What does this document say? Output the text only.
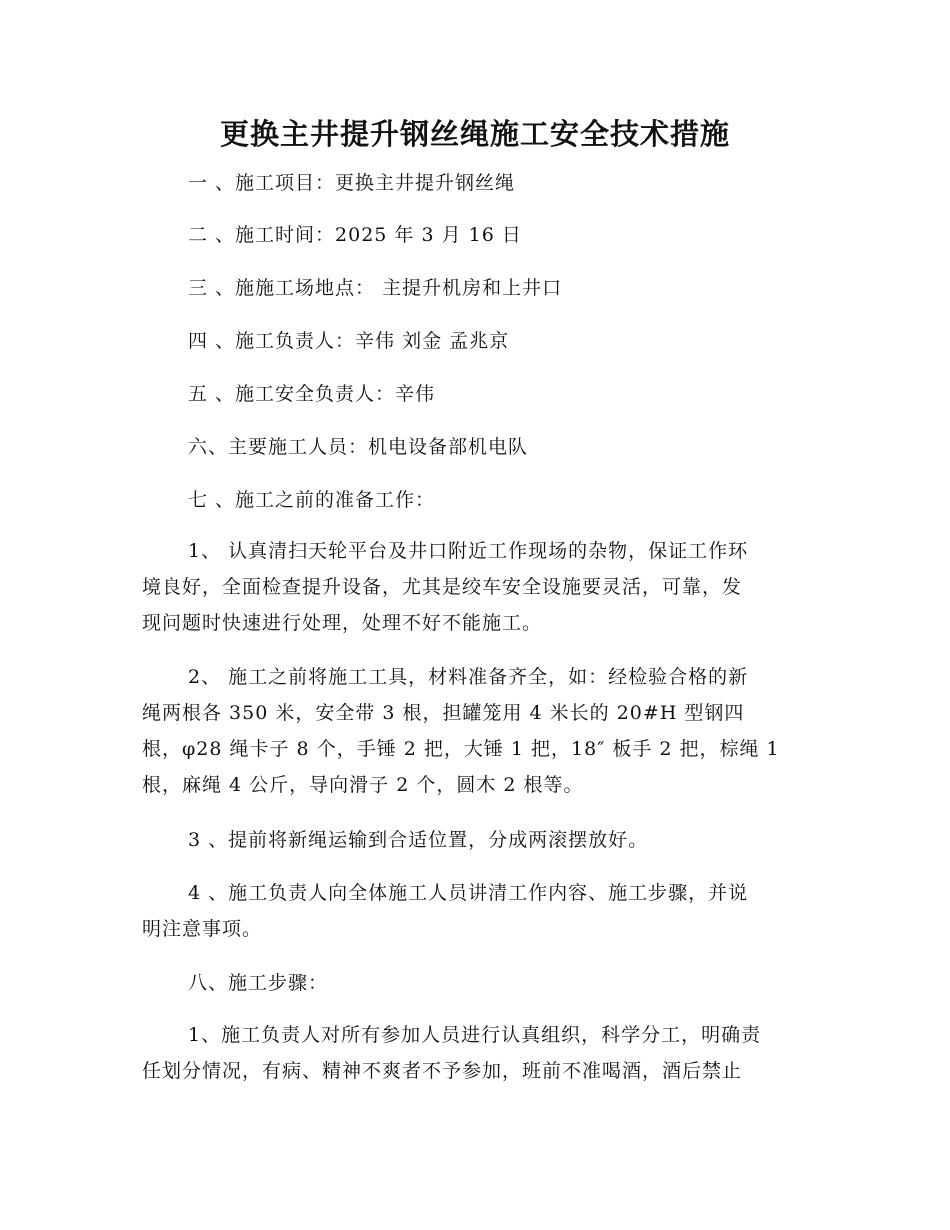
更换主井提升钢丝绳施工安全技术措施
一 、施工项目：更换主井提升钢丝绳
二 、施工时间：2025 年 3 月 16 日
三 、施施工场地点： 主提升机房和上井口
四 、施工负责人：辛伟 刘金 孟兆京
五 、施工安全负责人：辛伟
六、主要施工人员：机电设备部机电队
七 、施工之前的准备工作：
1、 认真清扫天轮平台及井口附近工作现场的杂物，保证工作环
境良好，全面检查提升设备，尤其是绞车安全设施要灵活，可靠，发
现问题时快速进行处理，处理不好不能施工。
2、 施工之前将施工工具，材料准备齐全，如：经检验合格的新
绳两根各 350 米，安全带 3 根，担罐笼用 4 米长的 20#H 型钢四
根，φ28 绳卡子 8 个，手锤 2 把，大锤 1 把，18″ 板手 2 把，棕绳 1
根，麻绳 4 公斤，导向滑子 2 个，圆木 2 根等。
3 、提前将新绳运输到合适位置，分成两滚摆放好。
4 、施工负责人向全体施工人员讲清工作内容、施工步骤，并说
明注意事项。
八、施工步骤：
1、施工负责人对所有参加人员进行认真组织，科学分工，明确责
任划分情况，有病、精神不爽者不予参加，班前不准喝酒，酒后禁止
